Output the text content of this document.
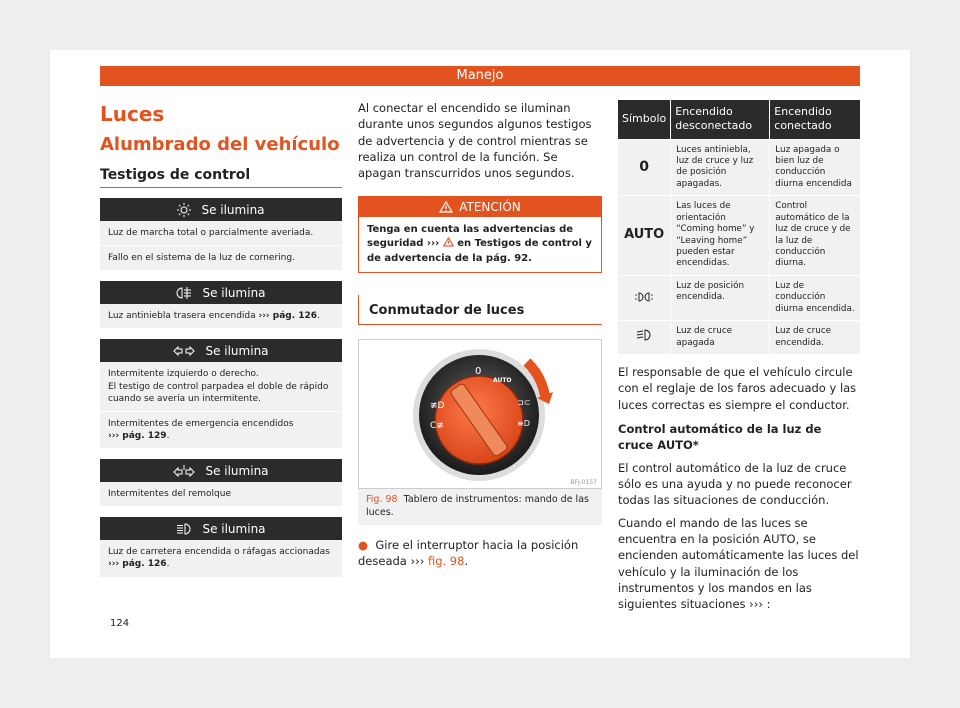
Manejo
Luces
Alumbrado del vehículo
Testigos de control
Se ilumina
Luz de marcha total o parcialmente averiada.
Fallo en el sistema de la luz de cornering.
Se ilumina
Luz antiniebla trasera encendida ››› pág. 126.
Se ilumina
Intermitente izquierdo o derecho.
El testigo de control parpadea el doble de rápido cuando se avería un intermitente.
Intermitentes de emergencia encendidos
››› pág. 129.
Se ilumina
Intermitentes del remolque
Se ilumina
Luz de carretera encendida o ráfagas accionadas
››› pág. 126.

Al conectar el encendido se iluminan durante unos segundos algunos testigos de advertencia y de control mientras se realiza un control de la función. Se apagan transcurridos unos segundos.

ATENCIÓN
Tenga en cuenta las advertencias de seguridad ›››  en Testigos de control y de advertencia de la pág. 92.
Conmutador de luces
0
AUTO
≢D
C≢
⊐⊂
≡D
BFJ-0157
Fig. 98 Tablero de instrumentos: mando de las luces.

● Gire el interruptor hacia la posición deseada ››› fig. 98.

Símbolo	Encendido desconectado	Encendido conectado
0	Luces antiniebla, luz de cruce y luz de posición apagadas.	Luz apagada o bien luz de conducción diurna encendida
AUTO	Las luces de orientación “Coming home” y “Leaving home” pueden estar encendidas.	Control automático de la luz de cruce y de la luz de conducción diurna.
	Luz de posición encendida.	Luz de conducción diurna encendida.
	Luz de cruce apagada	Luz de cruce encendida.

El responsable de que el vehículo circule con el reglaje de los faros adecuado y las luces correctas es siempre el conductor.

Control automático de la luz de cruce AUTO*

El control automático de la luz de cruce sólo es una ayuda y no puede reconocer todas las situaciones de conducción.

Cuando el mando de las luces se encuentra en la posición AUTO, se encienden automáticamente las luces del vehículo y la iluminación de los instrumentos y los mandos en las siguientes situaciones ››› :

124
